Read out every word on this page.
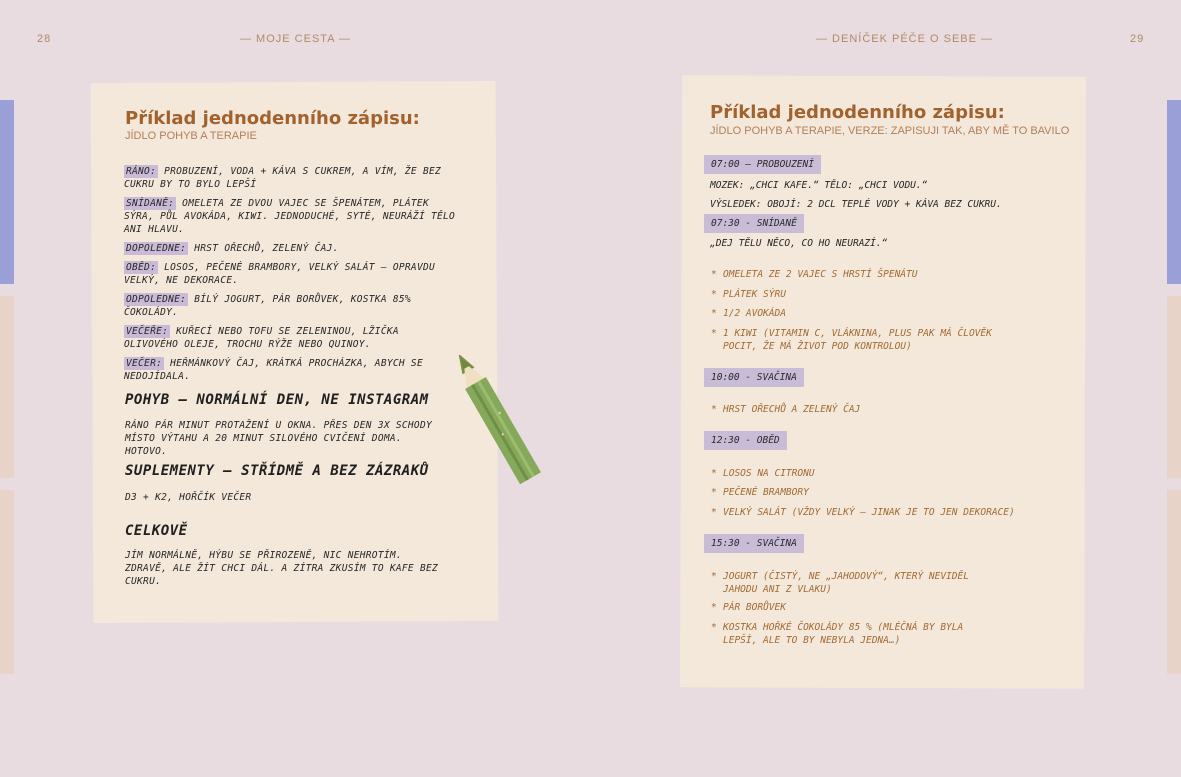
28	— MOJE CESTA —	— DENÍČEK PÉČE O SEBE —	29
Příklad jednodenního zápisu:
JÍDLO POHYB A TERAPIE
RÁNO: PROBUZENÍ, VODA + KÁVA S CUKREM, A VÍM, ŽE BEZ CUKRU BY TO BYLO LEPŠÍ
SNÍDANĚ: OMELETA ZE DVOU VAJEC SE ŠPENÁTEM, PLÁTEK SÝRA, PŮL AVOKÁDA, KIWI. JEDNODUCHÉ, SYTÉ, NEURÁŽÍ TĚLO ANI HLAVU.
DOPOLEDNE: HRST OŘECHŮ, ZELENÝ ČAJ.
OBĚD: LOSOS, PEČENÉ BRAMBORY, VELKÝ SALÁT – OPRAVDU VELKÝ, NE DEKORACE.
ODPOLEDNE: BÍLÝ JOGURT, PÁR BORŮVEK, KOSTKA 85% ČOKOLÁDY.
VEČEŘE: KUŘECÍ NEBO TOFU SE ZELENINOU, LŽIČKA OLIVOVÉHO OLEJE, TROCHU RÝŽE NEBO QUINOY.
VEČER: HEŘMÁNKOVÝ ČAJ, KRÁTKÁ PROCHÁZKA, ABYCH SE NEDOJÍDALA.
POHYB – NORMÁLNÍ DEN, NE INSTAGRAM
RÁNO PÁR MINUT PROTAŽENÍ U OKNA. PŘES DEN 3X SCHODY MÍSTO VÝTAHU A 20 MINUT SILOVÉHO CVIČENÍ DOMA. HOTOVO.
SUPLEMENTY – STŘÍDMĚ A BEZ ZÁZRAKŮ
D3 + K2, HOŘČÍK VEČER
CELKOVĚ
JÍM NORMÁLNĚ, HÝBU SE PŘIROZENĚ, NIC NEHROTÍM. ZDRAVĚ, ALE ŽÍT CHCI DÁL. A ZÍTRA ZKUSÍM TO KAFE BEZ CUKRU.
Příklad jednodenního zápisu:
JÍDLO POHYB A TERAPIE, VERZE: ZAPISUJI TAK, ABY MĚ TO BAVILO
07:00 – PROBOUZENÍ
MOZEK: „CHCI KAFE.“ TĚLO: „CHCI VODU.“
VÝSLEDEK: OBOJÍ: 2 DCL TEPLÉ VODY + KÁVA BEZ CUKRU.
07:30 - SNÍDANĚ
„DEJ TĚLU NĚCO, CO HO NEURAZÍ.“
* OMELETA ZE 2 VAJEC S HRSTÍ ŠPENÁTU
* PLÁTEK SÝRU
* 1/2 AVOKÁDA
* 1 KIWI (VITAMIN C, VLÁKNINA, PLUS PAK MÁ ČLOVĚK POCIT, ŽE MÁ ŽIVOT POD KONTROLOU)
10:00 - SVAČINA
* HRST OŘECHŮ A ZELENÝ ČAJ
12:30 - OBĚD
* LOSOS NA CITRONU
* PEČENÉ BRAMBORY
* VELKÝ SALÁT (VŽDY VELKÝ – JINAK JE TO JEN DEKORACE)
15:30 - SVAČINA
* JOGURT (ČISTÝ, NE „JAHODOVÝ“, KTERÝ NEVIDĚL JAHODU ANI Z VLAKU)
* PÁR BORŮVEK
* KOSTKA HOŘKÉ ČOKOLÁDY 85 % (MLÉČNÁ BY BYLA LEPŠÍ, ALE TO BY NEBYLA JEDNA…)
